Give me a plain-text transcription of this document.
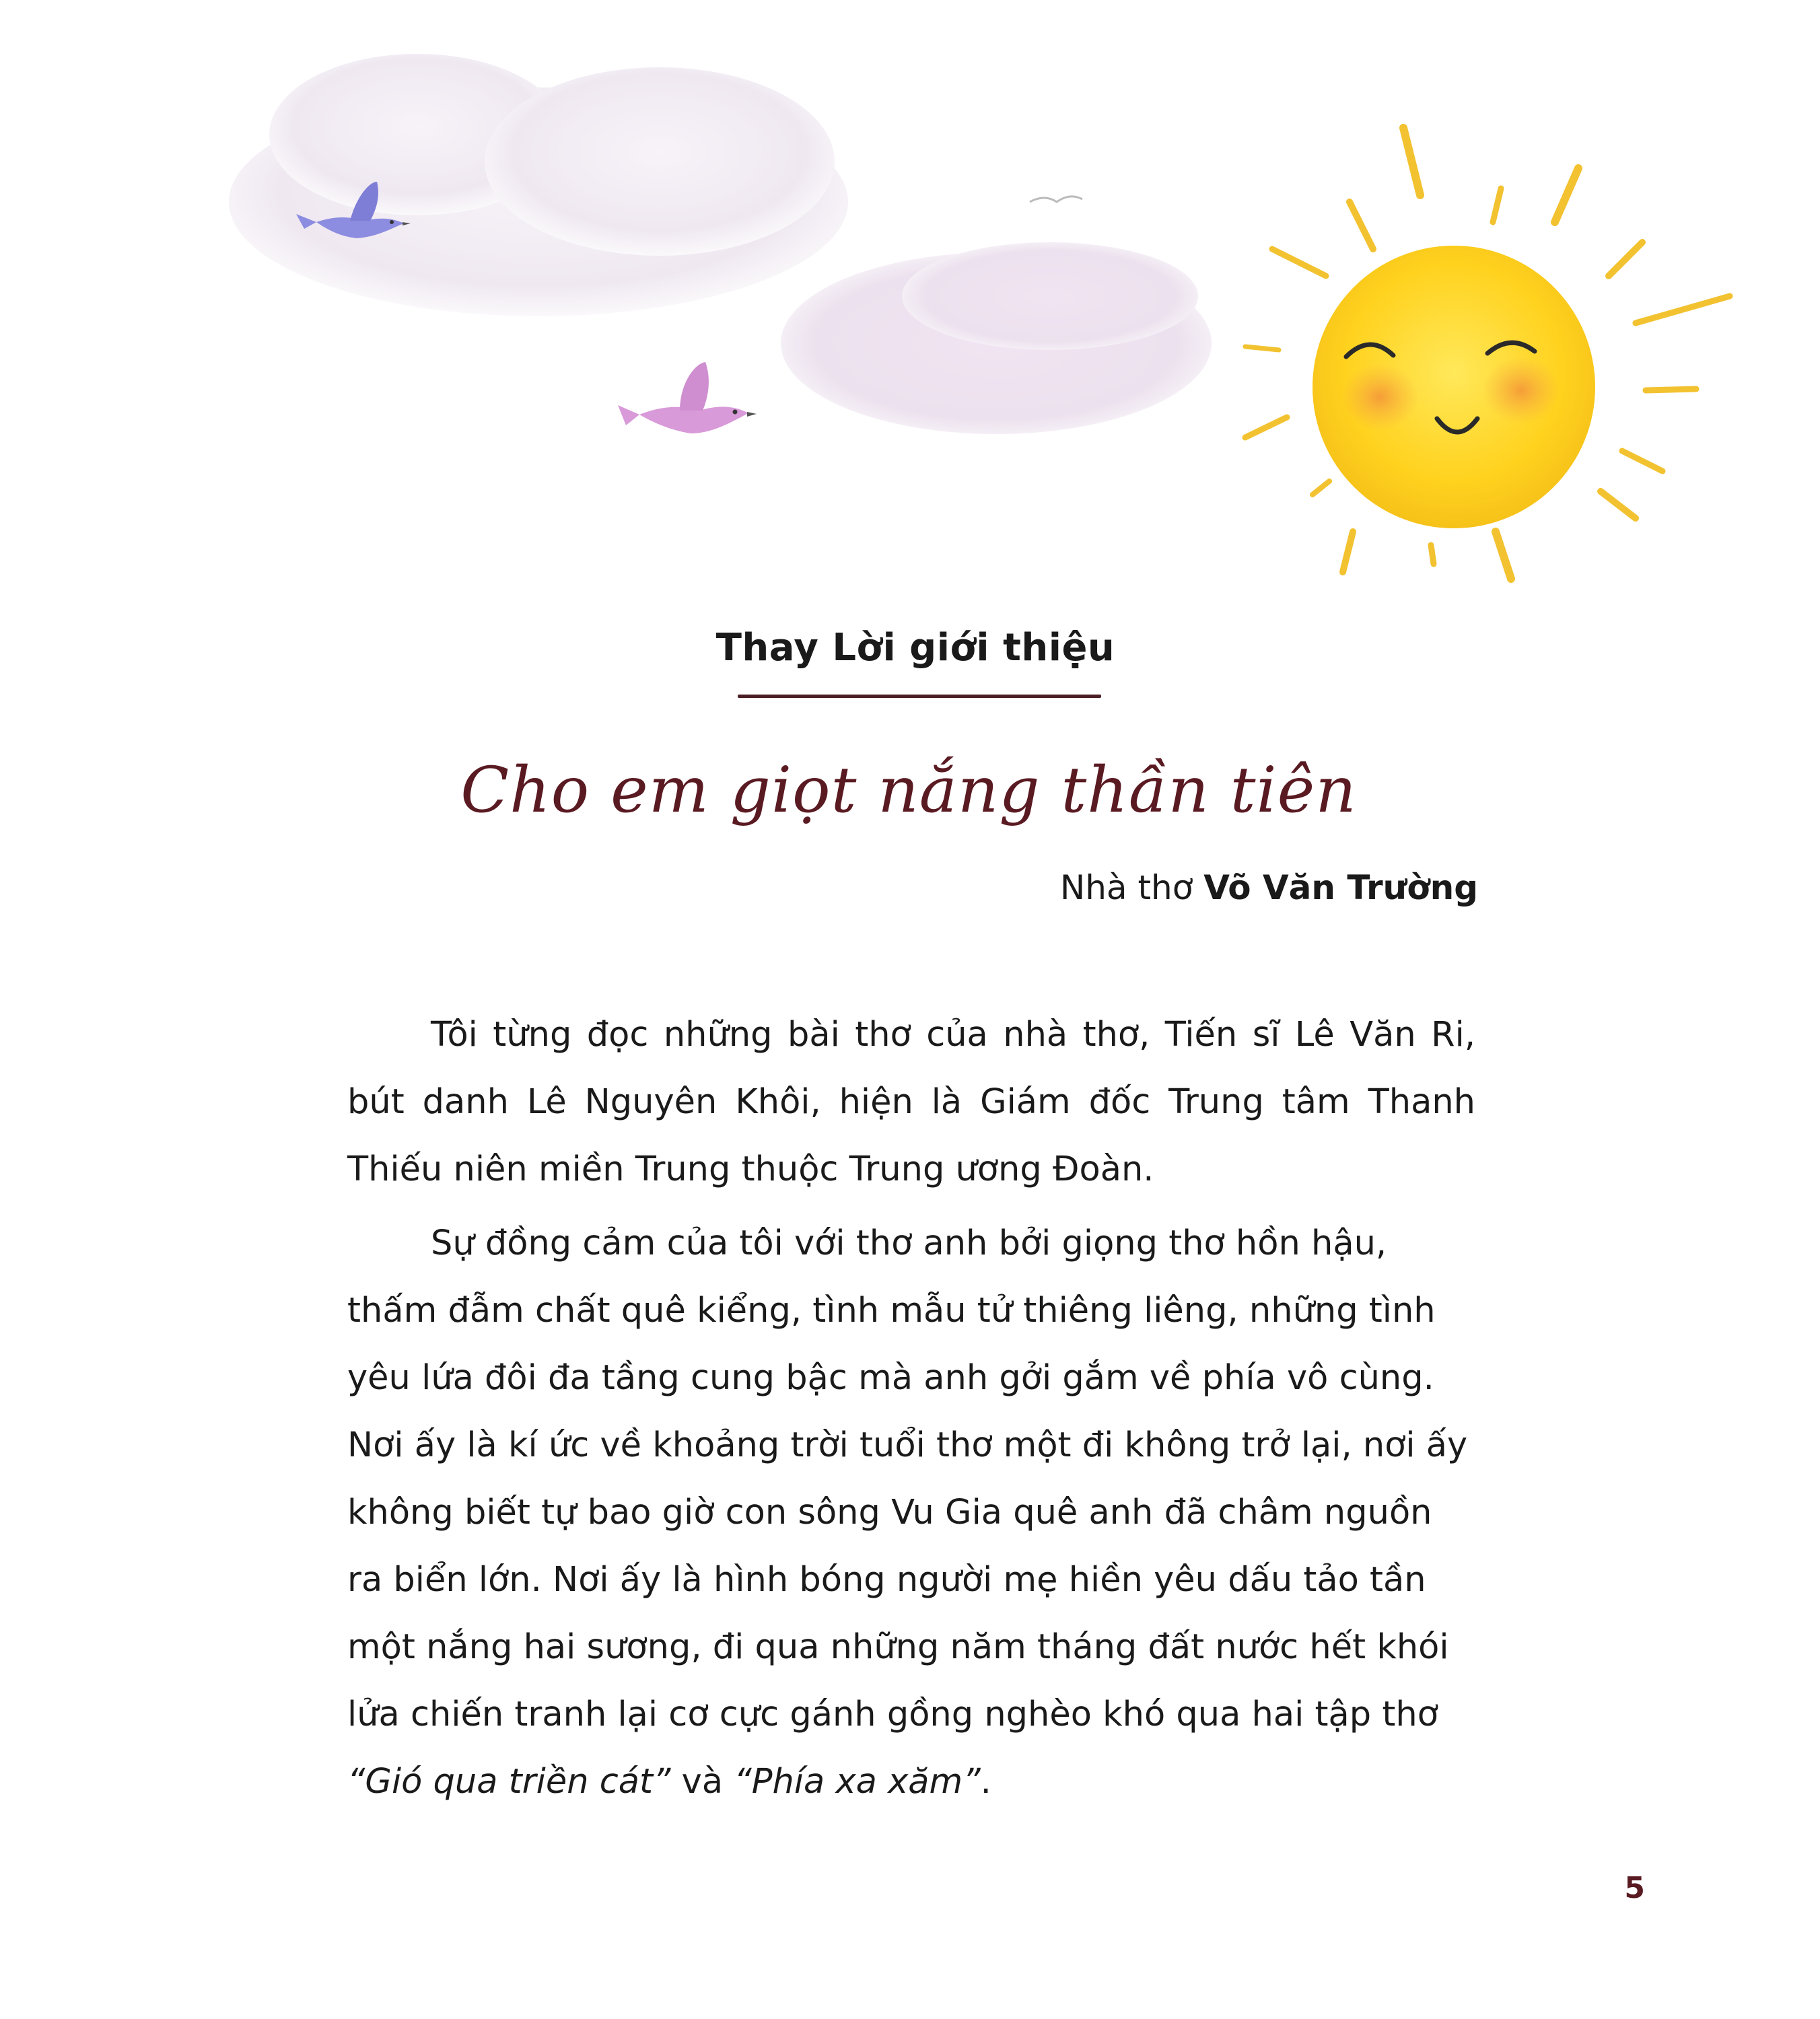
Thay Lời giới thiệu
Cho em giọt nắng thần tiên
Nhà thơ Võ Văn Trường

Tôi từng đọc những bài thơ của nhà thơ, Tiến sĩ Lê Văn Ri, bút danh Lê Nguyên Khôi, hiện là Giám đốc Trung tâm Thanh Thiếu niên miền Trung thuộc Trung ương Đoàn.

Sự đồng cảm của tôi với thơ anh bởi giọng thơ hồn hậu, thấm đẫm chất quê kiểng, tình mẫu tử thiêng liêng, những tình yêu lứa đôi đa tầng cung bậc mà anh gởi gắm về phía vô cùng. Nơi ấy là kí ức về khoảng trời tuổi thơ một đi không trở lại, nơi ấy không biết tự bao giờ con sông Vu Gia quê anh đã châm nguồn ra biển lớn. Nơi ấy là hình bóng người mẹ hiền yêu dấu tảo tần một nắng hai sương, đi qua những năm tháng đất nước hết khói lửa chiến tranh lại cơ cực gánh gồng nghèo khó qua hai tập thơ “Gió qua triền cát” và “Phía xa xăm”.

5
